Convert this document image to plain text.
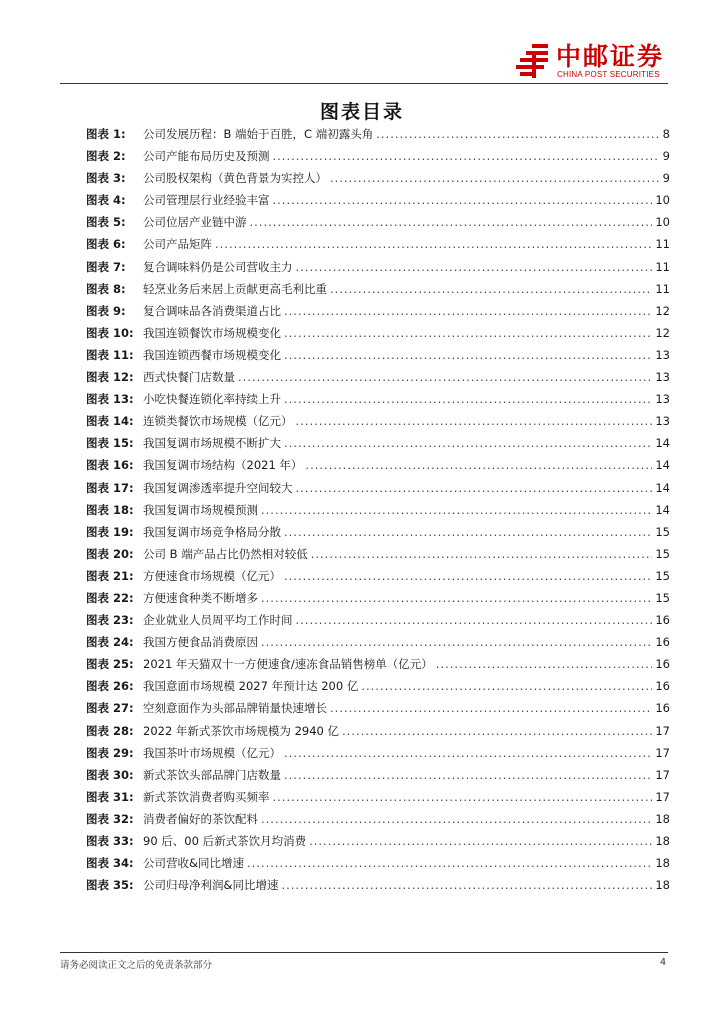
中邮证券
CHINA POST SECURITIES
图表目录
图表 1:	公司发展历程：B 端始于百胜，C 端初露头角 .....	8
图表 2:	公司产能布局历史及预测 .....	9
图表 3:	公司股权架构（黄色背景为实控人） .....	9
图表 4:	公司管理层行业经验丰富 .....	10
图表 5:	公司位居产业链中游 .....	10
图表 6:	公司产品矩阵 .....	11
图表 7:	复合调味料仍是公司营收主力 .....	11
图表 8:	轻烹业务后来居上贡献更高毛利比重 .....	11
图表 9:	复合调味品各消费渠道占比 .....	12
图表 10: 我国连锁餐饮市场规模变化 .....	12
图表 11: 我国连锁西餐市场规模变化 .....	13
图表 12: 西式快餐门店数量 .....	13
图表 13: 小吃快餐连锁化率持续上升 .....	13
图表 14: 连锁类餐饮市场规模（亿元） .....	13
图表 15: 我国复调市场规模不断扩大 .....	14
图表 16: 我国复调市场结构（2021 年） .....	14
图表 17: 我国复调渗透率提升空间较大 .....	14
图表 18: 我国复调市场规模预测 .....	14
图表 19: 我国复调市场竞争格局分散 .....	15
图表 20: 公司 B 端产品占比仍然相对较低 .....	15
图表 21: 方便速食市场规模（亿元） .....	15
图表 22: 方便速食种类不断增多 .....	15
图表 23: 企业就业人员周平均工作时间 .....	16
图表 24: 我国方便食品消费原因 .....	16
图表 25: 2021 年天猫双十一方便速食/速冻食品销售榜单（亿元） .....	16
图表 26: 我国意面市场规模 2027 年预计达 200 亿 .....	16
图表 27: 空刻意面作为头部品牌销量快速增长 .....	16
图表 28: 2022 年新式茶饮市场规模为 2940 亿 .....	17
图表 29: 我国茶叶市场规模（亿元） .....	17
图表 30: 新式茶饮头部品牌门店数量 .....	17
图表 31: 新式茶饮消费者购买频率 .....	17
图表 32: 消费者偏好的茶饮配料 .....	18
图表 33: 90 后、00 后新式茶饮月均消费 .....	18
图表 34: 公司营收&同比增速 .....	18
图表 35: 公司归母净利润&同比增速 .....	18
请务必阅读正文之后的免责条款部分	4
